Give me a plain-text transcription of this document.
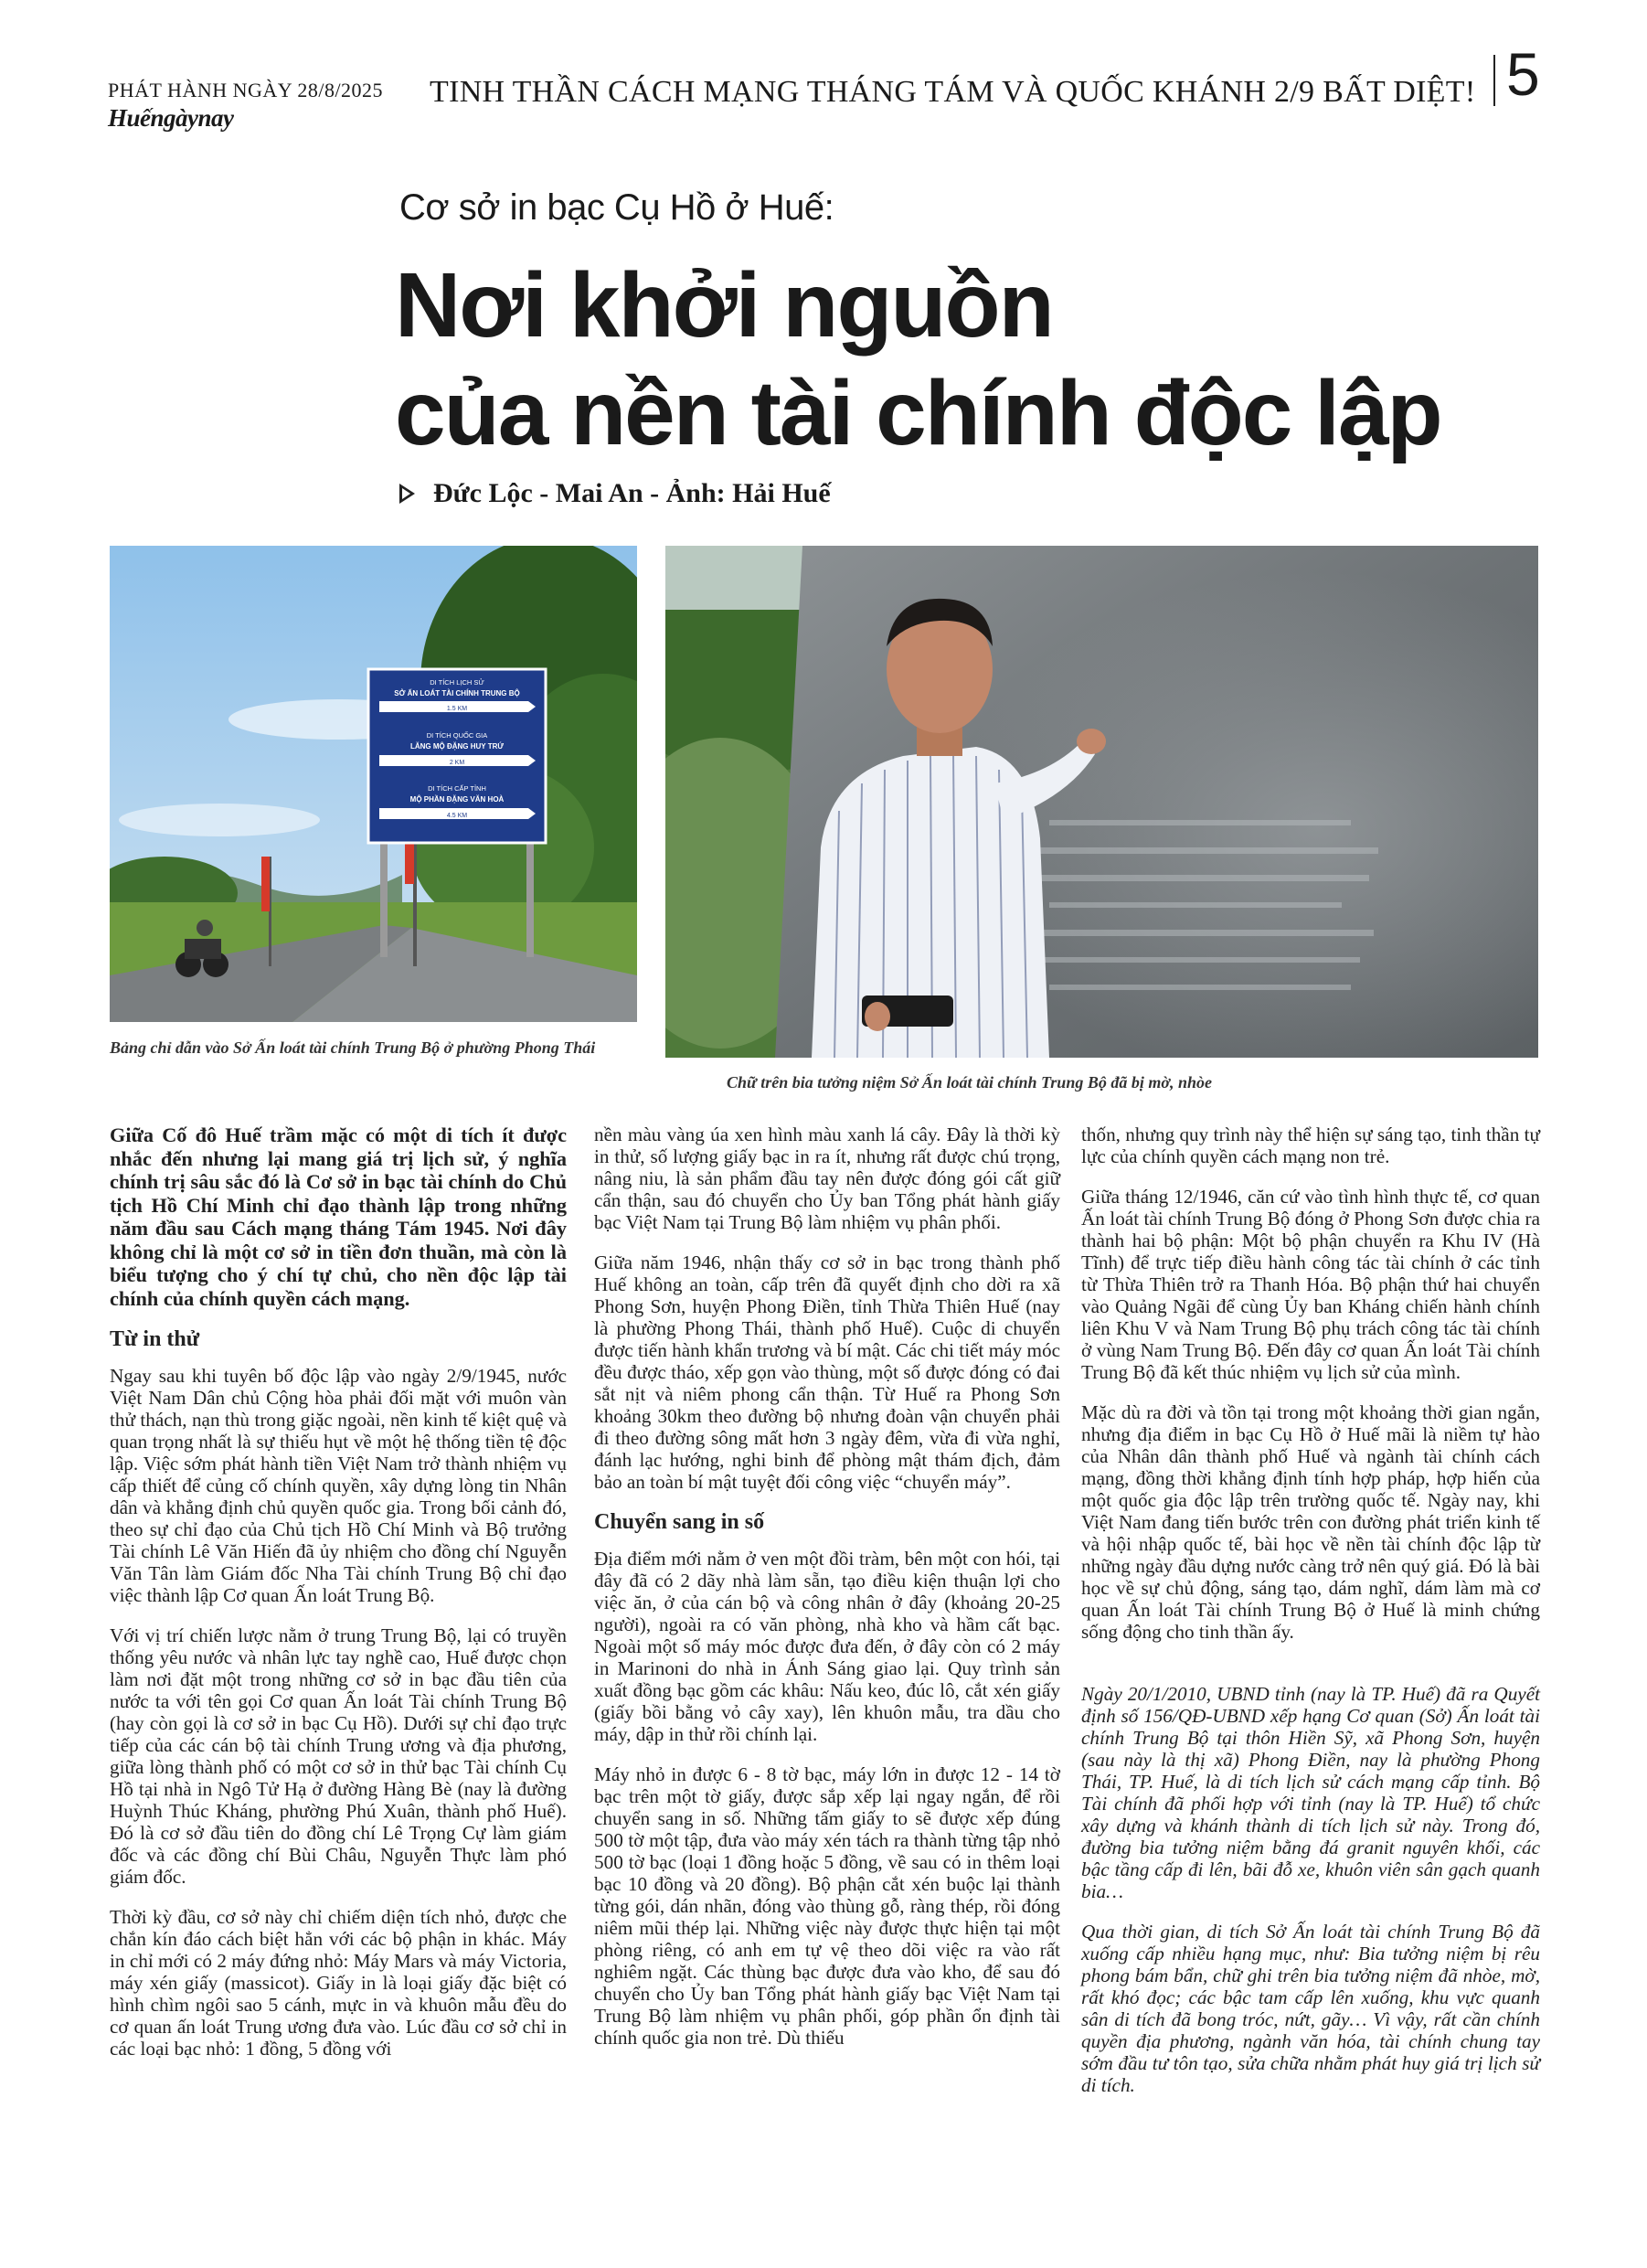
PHÁT HÀNH NGÀY 28/8/2025
Huếngàynay
TINH THẦN CÁCH MẠNG THÁNG TÁM VÀ QUỐC KHÁNH 2/9 BẤT DIỆT! 5
Cơ sở in bạc Cụ Hồ ở Huế:
Nơi khởi nguồn
của nền tài chính độc lập
Đức Lộc - Mai An - Ảnh: Hải Huế
DI TÍCH LỊCH SỬ
SỞ ẤN LOÁT TÀI CHÍNH TRUNG BỘ
1.5 KM
DI TÍCH QUỐC GIA
LĂNG MỘ ĐẶNG HUY TRỨ
2 KM
DI TÍCH CẤP TỈNH
MỘ PHẦN ĐẶNG VĂN HOÀ
4.5 KM
Bảng chỉ dẫn vào Sở Ấn loát tài chính Trung Bộ ở phường Phong Thái
Chữ trên bia tưởng niệm Sở Ấn loát tài chính Trung Bộ đã bị mờ, nhòe

Giữa Cố đô Huế trầm mặc có một di tích ít được nhắc đến nhưng lại mang giá trị lịch sử, ý nghĩa chính trị sâu sắc đó là Cơ sở in bạc tài chính do Chủ tịch Hồ Chí Minh chỉ đạo thành lập trong những năm đầu sau Cách mạng tháng Tám 1945. Nơi đây không chỉ là một cơ sở in tiền đơn thuần, mà còn là biểu tượng cho ý chí tự chủ, cho nền độc lập tài chính của chính quyền cách mạng.

Từ in thử

Ngay sau khi tuyên bố độc lập vào ngày 2/9/1945, nước Việt Nam Dân chủ Cộng hòa phải đối mặt với muôn vàn thử thách, nạn thù trong giặc ngoài, nền kinh tế kiệt quệ và quan trọng nhất là sự thiếu hụt về một hệ thống tiền tệ độc lập. Việc sớm phát hành tiền Việt Nam trở thành nhiệm vụ cấp thiết để củng cố chính quyền, xây dựng lòng tin Nhân dân và khẳng định chủ quyền quốc gia. Trong bối cảnh đó, theo sự chỉ đạo của Chủ tịch Hồ Chí Minh và Bộ trưởng Tài chính Lê Văn Hiến đã ủy nhiệm cho đồng chí Nguyễn Văn Tân làm Giám đốc Nha Tài chính Trung Bộ chỉ đạo việc thành lập Cơ quan Ấn loát Trung Bộ.

Với vị trí chiến lược nằm ở trung Trung Bộ, lại có truyền thống yêu nước và nhân lực tay nghề cao, Huế được chọn làm nơi đặt một trong những cơ sở in bạc đầu tiên của nước ta với tên gọi Cơ quan Ấn loát Tài chính Trung Bộ (hay còn gọi là cơ sở in bạc Cụ Hồ). Dưới sự chỉ đạo trực tiếp của các cán bộ tài chính Trung ương và địa phương, giữa lòng thành phố có một cơ sở in thử bạc Tài chính Cụ Hồ tại nhà in Ngô Tử Hạ ở đường Hàng Bè (nay là đường Huỳnh Thúc Kháng, phường Phú Xuân, thành phố Huế). Đó là cơ sở đầu tiên do đồng chí Lê Trọng Cự làm giám đốc và các đồng chí Bùi Châu, Nguyễn Thực làm phó giám đốc.

Thời kỳ đầu, cơ sở này chỉ chiếm diện tích nhỏ, được che chắn kín đáo cách biệt hẳn với các bộ phận in khác. Máy in chỉ mới có 2 máy đứng nhỏ: Máy Mars và máy Victoria, máy xén giấy (massicot). Giấy in là loại giấy đặc biệt có hình chìm ngôi sao 5 cánh, mực in và khuôn mẫu đều do cơ quan ấn loát Trung ương đưa vào. Lúc đầu cơ sở chỉ in các loại bạc nhỏ: 1 đồng, 5 đồng với

nền màu vàng úa xen hình màu xanh lá cây. Đây là thời kỳ in thử, số lượng giấy bạc in ra ít, nhưng rất được chú trọng, nâng niu, là sản phẩm đầu tay nên được đóng gói cất giữ cẩn thận, sau đó chuyển cho Ủy ban Tổng phát hành giấy bạc Việt Nam tại Trung Bộ làm nhiệm vụ phân phối.

Giữa năm 1946, nhận thấy cơ sở in bạc trong thành phố Huế không an toàn, cấp trên đã quyết định cho dời ra xã Phong Sơn, huyện Phong Điền, tỉnh Thừa Thiên Huế (nay là phường Phong Thái, thành phố Huế). Cuộc di chuyển được tiến hành khẩn trương và bí mật. Các chi tiết máy móc đều được tháo, xếp gọn vào thùng, một số được đóng có đai sắt nịt và niêm phong cẩn thận. Từ Huế ra Phong Sơn khoảng 30km theo đường bộ nhưng đoàn vận chuyển phải đi theo đường sông mất hơn 3 ngày đêm, vừa đi vừa nghỉ, đánh lạc hướng, nghi binh để phòng mật thám địch, đảm bảo an toàn bí mật tuyệt đối công việc “chuyển máy”.

Chuyển sang in số

Địa điểm mới nằm ở ven một đồi tràm, bên một con hói, tại đây đã có 2 dãy nhà làm sẵn, tạo điều kiện thuận lợi cho việc ăn, ở của cán bộ và công nhân ở đây (khoảng 20-25 người), ngoài ra có văn phòng, nhà kho và hầm cất bạc. Ngoài một số máy móc được đưa đến, ở đây còn có 2 máy in Marinoni do nhà in Ánh Sáng giao lại. Quy trình sản xuất đồng bạc gồm các khâu: Nấu keo, đúc lô, cắt xén giấy (giấy bồi bằng vỏ cây xay), lên khuôn mẫu, tra dầu cho máy, dập in thử rồi chính lại.

Máy nhỏ in được 6 - 8 tờ bạc, máy lớn in được 12 - 14 tờ bạc trên một tờ giấy, được sắp xếp lại ngay ngắn, để rồi chuyển sang in số. Những tấm giấy to sẽ được xếp đúng 500 tờ một tập, đưa vào máy xén tách ra thành từng tập nhỏ 500 tờ bạc (loại 1 đồng hoặc 5 đồng, về sau có in thêm loại bạc 10 đồng và 20 đồng). Bộ phận cắt xén buộc lại thành từng gói, dán nhãn, đóng vào thùng gỗ, ràng thép, rồi đóng niêm mũi thép lại. Những việc này được thực hiện tại một phòng riêng, có anh em tự vệ theo dõi việc ra vào rất nghiêm ngặt. Các thùng bạc được đưa vào kho, để sau đó chuyển cho Ủy ban Tổng phát hành giấy bạc Việt Nam tại Trung Bộ làm nhiệm vụ phân phối, góp phần ổn định tài chính quốc gia non trẻ. Dù thiếu

thốn, nhưng quy trình này thể hiện sự sáng tạo, tinh thần tự lực của chính quyền cách mạng non trẻ.

Giữa tháng 12/1946, căn cứ vào tình hình thực tế, cơ quan Ấn loát tài chính Trung Bộ đóng ở Phong Sơn được chia ra thành hai bộ phận: Một bộ phận chuyển ra Khu IV (Hà Tĩnh) để trực tiếp điều hành công tác tài chính ở các tỉnh từ Thừa Thiên trở ra Thanh Hóa. Bộ phận thứ hai chuyển vào Quảng Ngãi để cùng Ủy ban Kháng chiến hành chính liên Khu V và Nam Trung Bộ phụ trách công tác tài chính ở vùng Nam Trung Bộ. Đến đây cơ quan Ấn loát Tài chính Trung Bộ đã kết thúc nhiệm vụ lịch sử của mình.

Mặc dù ra đời và tồn tại trong một khoảng thời gian ngắn, nhưng địa điểm in bạc Cụ Hồ ở Huế mãi là niềm tự hào của Nhân dân thành phố Huế và ngành tài chính cách mạng, đồng thời khẳng định tính hợp pháp, hợp hiến của một quốc gia độc lập trên trường quốc tế. Ngày nay, khi Việt Nam đang tiến bước trên con đường phát triển kinh tế và hội nhập quốc tế, bài học về nền tài chính độc lập từ những ngày đầu dựng nước càng trở nên quý giá. Đó là bài học về sự chủ động, sáng tạo, dám nghĩ, dám làm mà cơ quan Ấn loát Tài chính Trung Bộ ở Huế là minh chứng sống động cho tinh thần ấy.

Ngày 20/1/2010, UBND tỉnh (nay là TP. Huế) đã ra Quyết định số 156/QĐ-UBND xếp hạng Cơ quan (Sở) Ấn loát tài chính Trung Bộ tại thôn Hiền Sỹ, xã Phong Sơn, huyện (sau này là thị xã) Phong Điền, nay là phường Phong Thái, TP. Huế, là di tích lịch sử cách mạng cấp tỉnh. Bộ Tài chính đã phối hợp với tỉnh (nay là TP. Huế) tổ chức xây dựng và khánh thành di tích lịch sử này. Trong đó, đường bia tưởng niệm bằng đá granit nguyên khối, các bậc tầng cấp đi lên, bãi đỗ xe, khuôn viên sân gạch quanh bia…

Qua thời gian, di tích Sở Ấn loát tài chính Trung Bộ đã xuống cấp nhiều hạng mục, như: Bia tưởng niệm bị rêu phong bám bẩn, chữ ghi trên bia tưởng niệm đã nhòe, mờ, rất khó đọc; các bậc tam cấp lên xuống, khu vực quanh sân di tích đã bong tróc, nứt, gãy… Vì vậy, rất cần chính quyền địa phương, ngành văn hóa, tài chính chung tay sớm đầu tư tôn tạo, sửa chữa nhằm phát huy giá trị lịch sử di tích.
